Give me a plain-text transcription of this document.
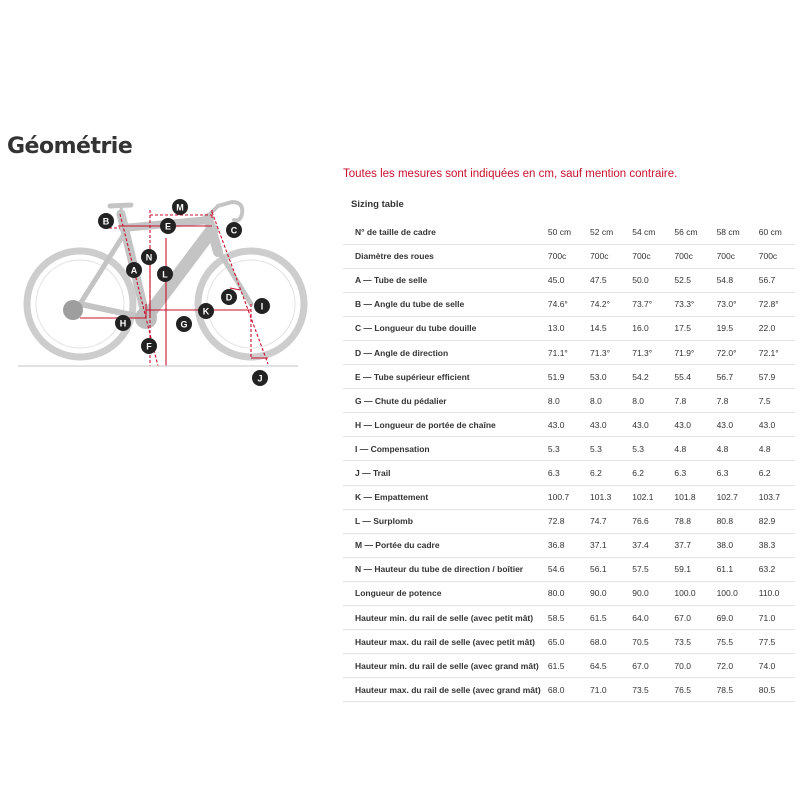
Géométrie
Toutes les mesures sont indiquées en cm, sauf mention contraire.
M
B	E	C
N
L
A
D
I
K
H	G
F
J
Sizing table
N° de taille de cadre	50 cm	52 cm	54 cm	56 cm	58 cm	60 cm
Diamètre des roues	700c	700c	700c	700c	700c	700c
A — Tube de selle	45.0	47.5	50.0	52.5	54.8	56.7
B — Angle du tube de selle	74.6°	74.2°	73.7°	73.3°	73.0°	72.8°
C — Longueur du tube douille	13.0	14.5	16.0	17.5	19.5	22.0
D — Angle de direction	71.1°	71.3°	71.3°	71.9°	72.0°	72.1°
E — Tube supérieur efficient	51.9	53.0	54.2	55.4	56.7	57.9
G — Chute du pédalier	8.0	8.0	8.0	7.8	7.8	7.5
H — Longueur de portée de chaîne	43.0	43.0	43.0	43.0	43.0	43.0
I — Compensation	5.3	5.3	5.3	4.8	4.8	4.8
J — Trail	6.3	6.2	6.2	6.3	6.3	6.2
K — Empattement	100.7	101.3	102.1	101.8	102.7	103.7
L — Surplomb	72.8	74.7	76.6	78.8	80.8	82.9
M — Portée du cadre	36.8	37.1	37.4	37.7	38.0	38.3
N — Hauteur du tube de direction / boîtier	54.6	56.1	57.5	59.1	61.1	63.2
Longueur de potence	80.0	90.0	90.0	100.0	100.0	110.0
Hauteur min. du rail de selle (avec petit mât)	58.5	61.5	64.0	67.0	69.0	71.0
Hauteur max. du rail de selle (avec petit mât)	65.0	68.0	70.5	73.5	75.5	77.5
Hauteur min. du rail de selle (avec grand mât)	61.5	64.5	67.0	70.0	72.0	74.0
Hauteur max. du rail de selle (avec grand mât)	68.0	71.0	73.5	76.5	78.5	80.5
